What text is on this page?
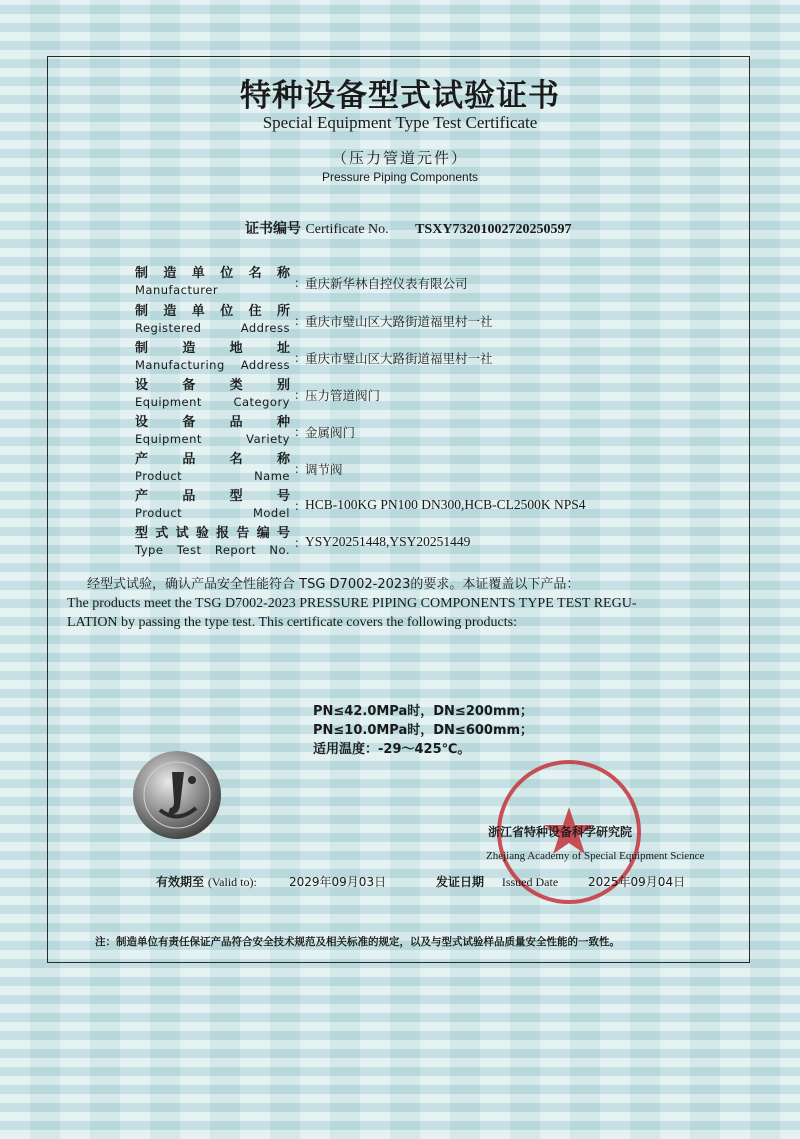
特种设备型式试验证书
Special Equipment Type Test Certificate
（压力管道元件）
Pressure Piping Components
证书编号 Certificate No. TSXY73201002720250597
制造单位名称
Manufacturer	：
重庆新华林自控仪表有限公司
制造单位住所
Registered Address ：
重庆市璧山区大路街道福里村一社
制造地址
Manufacturing Address ：
重庆市璧山区大路街道福里村一社
设备类别
Equipment Category ：
压力管道阀门
设备品种
Equipment Variety ：
金属阀门
产品名称
Product Name ：
调节阀
产品型号
Product Model ：
HCB-100KG PN100 DN300,HCB-CL2500K NPS4
型式试验报告编号
Type Test Report No. ：
YSY20251448,YSY20251449
经型式试验，确认产品安全性能符合 TSG D7002-2023的要求。本证覆盖以下产品：
The products meet the TSG D7002-2023 PRESSURE PIPING COMPONENTS TYPE TEST REGU-
LATION by passing the type test. This certificate covers the following products:
PN≤42.0MPa时，DN≤200mm；
PN≤10.0MPa时，DN≤600mm；
适用温度：-29～425℃。
浙江省特种设备科学研究院
Zhejiang Academy of Special Equipment Science
有效期至 (Valid to):	2029年09月03日	发证日期 Issued Date 2025年09月04日
注：制造单位有责任保证产品符合安全技术规范及相关标准的规定，以及与型式试验样品质量安全性能的一致性。
